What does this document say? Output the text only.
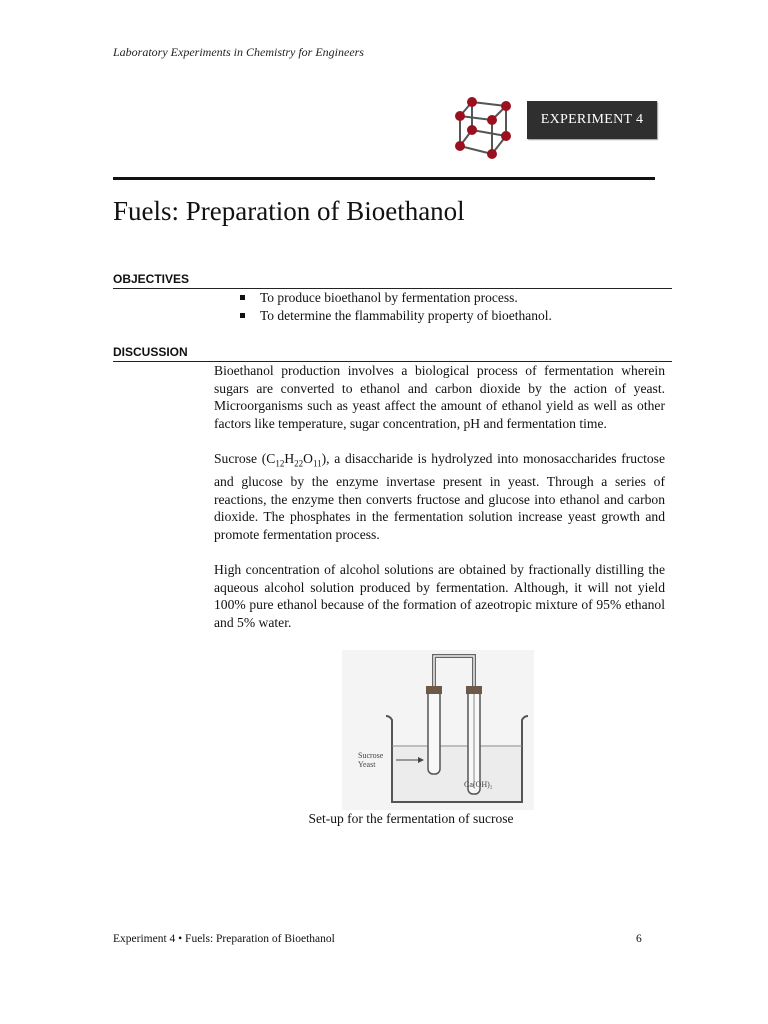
Laboratory Experiments in Chemistry for Engineers
EXPERIMENT 4
Fuels: Preparation of Bioethanol
OBJECTIVES
To produce bioethanol by fermentation process.
To determine the flammability property of bioethanol.
DISCUSSION

Bioethanol production involves a biological process of fermentation wherein sugars are converted to ethanol and carbon dioxide by the action of yeast. Microorganisms such as yeast affect the amount of ethanol yield as well as other factors like temperature, sugar concentration, pH and fermentation time.

Sucrose $(C_{12}H_{22}O_{11})$, a disaccharide is hydrolyzed into monosaccharides fructose and glucose by the enzyme invertase present in yeast. Through a series of reactions, the enzyme then converts fructose and glucose into ethanol and carbon dioxide. The phosphates in the fermentation solution increase yeast growth and promote fermentation process.

High concentration of alcohol solutions are obtained by fractionally distilling the aqueous alcohol solution produced by fermentation. Although, it will not yield 100% pure ethanol because of the formation of azeotropic mixture of 95% ethanol and 5% water.

Sucrose
Yeast
Ca(OH)₂
Set-up for the fermentation of sucrose
Experiment 4 • Fuels: Preparation of Bioethanol	6
